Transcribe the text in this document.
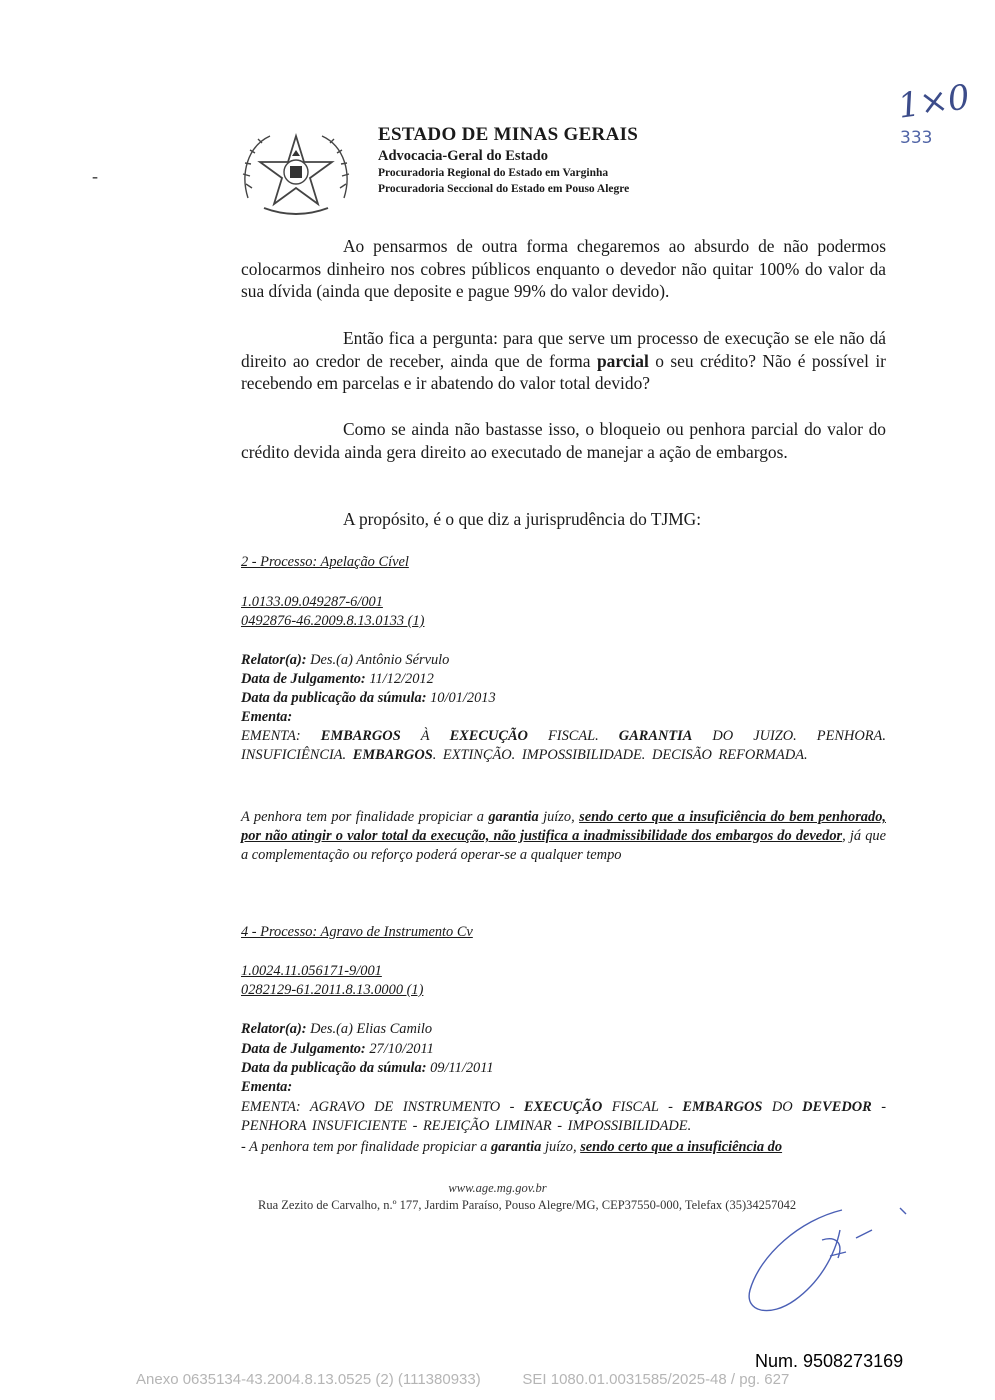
ESTADO DE MINAS GERAIS
Advocacia-Geral do Estado
Procuradoria Regional do Estado em Varginha
Procuradoria Seccional do Estado em Pouso Alegre
1×0
333
-
Ao pensarmos de outra forma chegaremos ao absurdo de não podermos colocarmos dinheiro nos cobres públicos enquanto o devedor não quitar 100% do valor da sua dívida (ainda que deposite e pague 99% do valor devido).
Então fica a pergunta: para que serve um processo de execução se ele não dá direito ao credor de receber, ainda que de forma parcial o seu crédito? Não é possível ir recebendo em parcelas e ir abatendo do valor total devido?
Como se ainda não bastasse isso, o bloqueio ou penhora parcial do valor do crédito devida ainda gera direito ao executado de manejar a ação de embargos.
A propósito, é o que diz a jurisprudência do TJMG:
2 - Processo: Apelação Cível
1.0133.09.049287-6/001
0492876-46.2009.8.13.0133 (1)
Relator(a): Des.(a) Antônio Sérvulo
Data de Julgamento: 11/12/2012
Data da publicação da súmula: 10/01/2013
Ementa:
EMENTA: EMBARGOS À EXECUÇÃO FISCAL. GARANTIA DO JUIZO. PENHORA. INSUFICIÊNCIA. EMBARGOS. EXTINÇÃO. IMPOSSIBILIDADE. DECISÃO REFORMADA.
A penhora tem por finalidade propiciar a garantia juízo, sendo certo que a insuficiência do bem penhorado, por não atingir o valor total da execução, não justifica a inadmissibilidade dos embargos do devedor, já que a complementação ou reforço poderá operar-se a qualquer tempo
4 - Processo: Agravo de Instrumento Cv
1.0024.11.056171-9/001
0282129-61.2011.8.13.0000 (1)
Relator(a): Des.(a) Elias Camilo
Data de Julgamento: 27/10/2011
Data da publicação da súmula: 09/11/2011
Ementa:
EMENTA: AGRAVO DE INSTRUMENTO - EXECUÇÃO FISCAL - EMBARGOS DO DEVEDOR - PENHORA INSUFICIENTE - REJEIÇÃO LIMINAR - IMPOSSIBILIDADE.
- A penhora tem por finalidade propiciar a garantia juízo, sendo certo que a insuficiência do
www.age.mg.gov.br
Rua Zezito de Carvalho, n.º 177, Jardim Paraíso, Pouso Alegre/MG, CEP37550-000, Telefax (35)34257042
Num. 9508273169
Anexo 0635134-43.2004.8.13.0525 (2) (111380933)          SEI 1080.01.0031585/2025-48 / pg. 627
